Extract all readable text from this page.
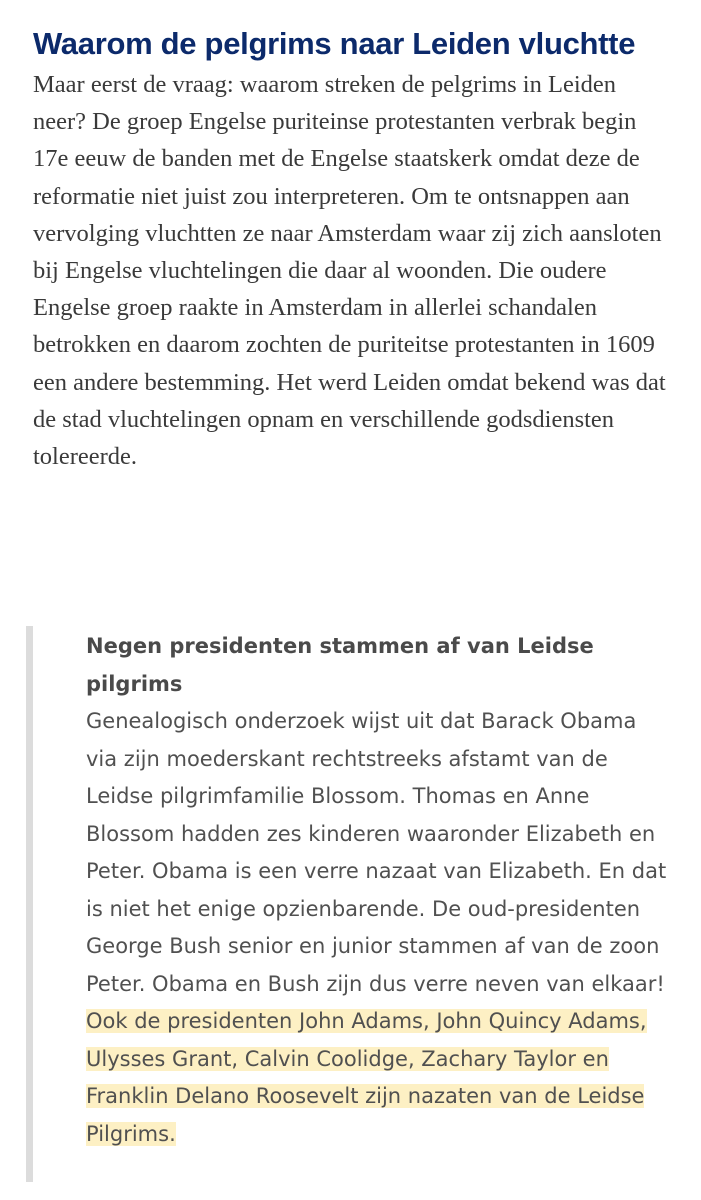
Waarom de pelgrims naar Leiden vluchtte

Maar eerst de vraag: waarom streken de pelgrims in Leiden neer? De groep Engelse puriteinse protestanten verbrak begin 17e eeuw de banden met de Engelse staatskerk omdat deze de reformatie niet juist zou interpreteren. Om te ontsnappen aan vervolging vluchtten ze naar Amsterdam waar zij zich aansloten bij Engelse vluchtelingen die daar al woonden. Die oudere Engelse groep raakte in Amsterdam in allerlei schandalen betrokken en daarom zochten de puriteitse protestanten in 1609 een andere bestemming. Het werd Leiden omdat bekend was dat de stad vluchtelingen opnam en verschillende godsdiensten tolereerde.

Negen presidenten stammen af van Leidse pilgrims

Genealogisch onderzoek wijst uit dat Barack Obama via zijn moederskant rechtstreeks afstamt van de Leidse pilgrimfamilie Blossom. Thomas en Anne Blossom hadden zes kinderen waaronder Elizabeth en Peter. Obama is een verre nazaat van Elizabeth. En dat is niet het enige opzienbarende. De oud-presidenten George Bush senior en junior stammen af van de zoon Peter. Obama en Bush zijn dus verre neven van elkaar! Ook de presidenten John Adams, John Quincy Adams, Ulysses Grant, Calvin Coolidge, Zachary Taylor en Franklin Delano Roosevelt zijn nazaten van de Leidse Pilgrims.
